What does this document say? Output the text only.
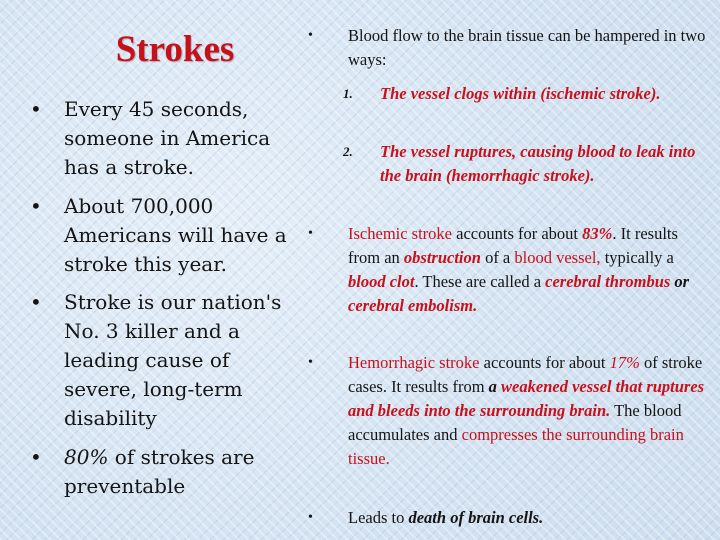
Strokes
• Every 45 seconds, someone in America has a stroke.
• About 700,000 Americans will have a stroke this year.
• Stroke is our nation's No. 3 killer and a leading cause of severe, long-term disability
• 80% of strokes are preventable
• Blood flow to the brain tissue can be hampered in two ways:
1. The vessel clogs within (ischemic stroke).
2. The vessel ruptures, causing blood to leak into the brain (hemorrhagic stroke).
• Ischemic stroke accounts for about 83%. It results from an obstruction of a blood vessel, typically a blood clot. These are called a cerebral thrombus or cerebral embolism.
• Hemorrhagic stroke accounts for about 17% of stroke cases. It results from a weakened vessel that ruptures and bleeds into the surrounding brain. The blood accumulates and compresses the surrounding brain tissue.
• Leads to death of brain cells.
